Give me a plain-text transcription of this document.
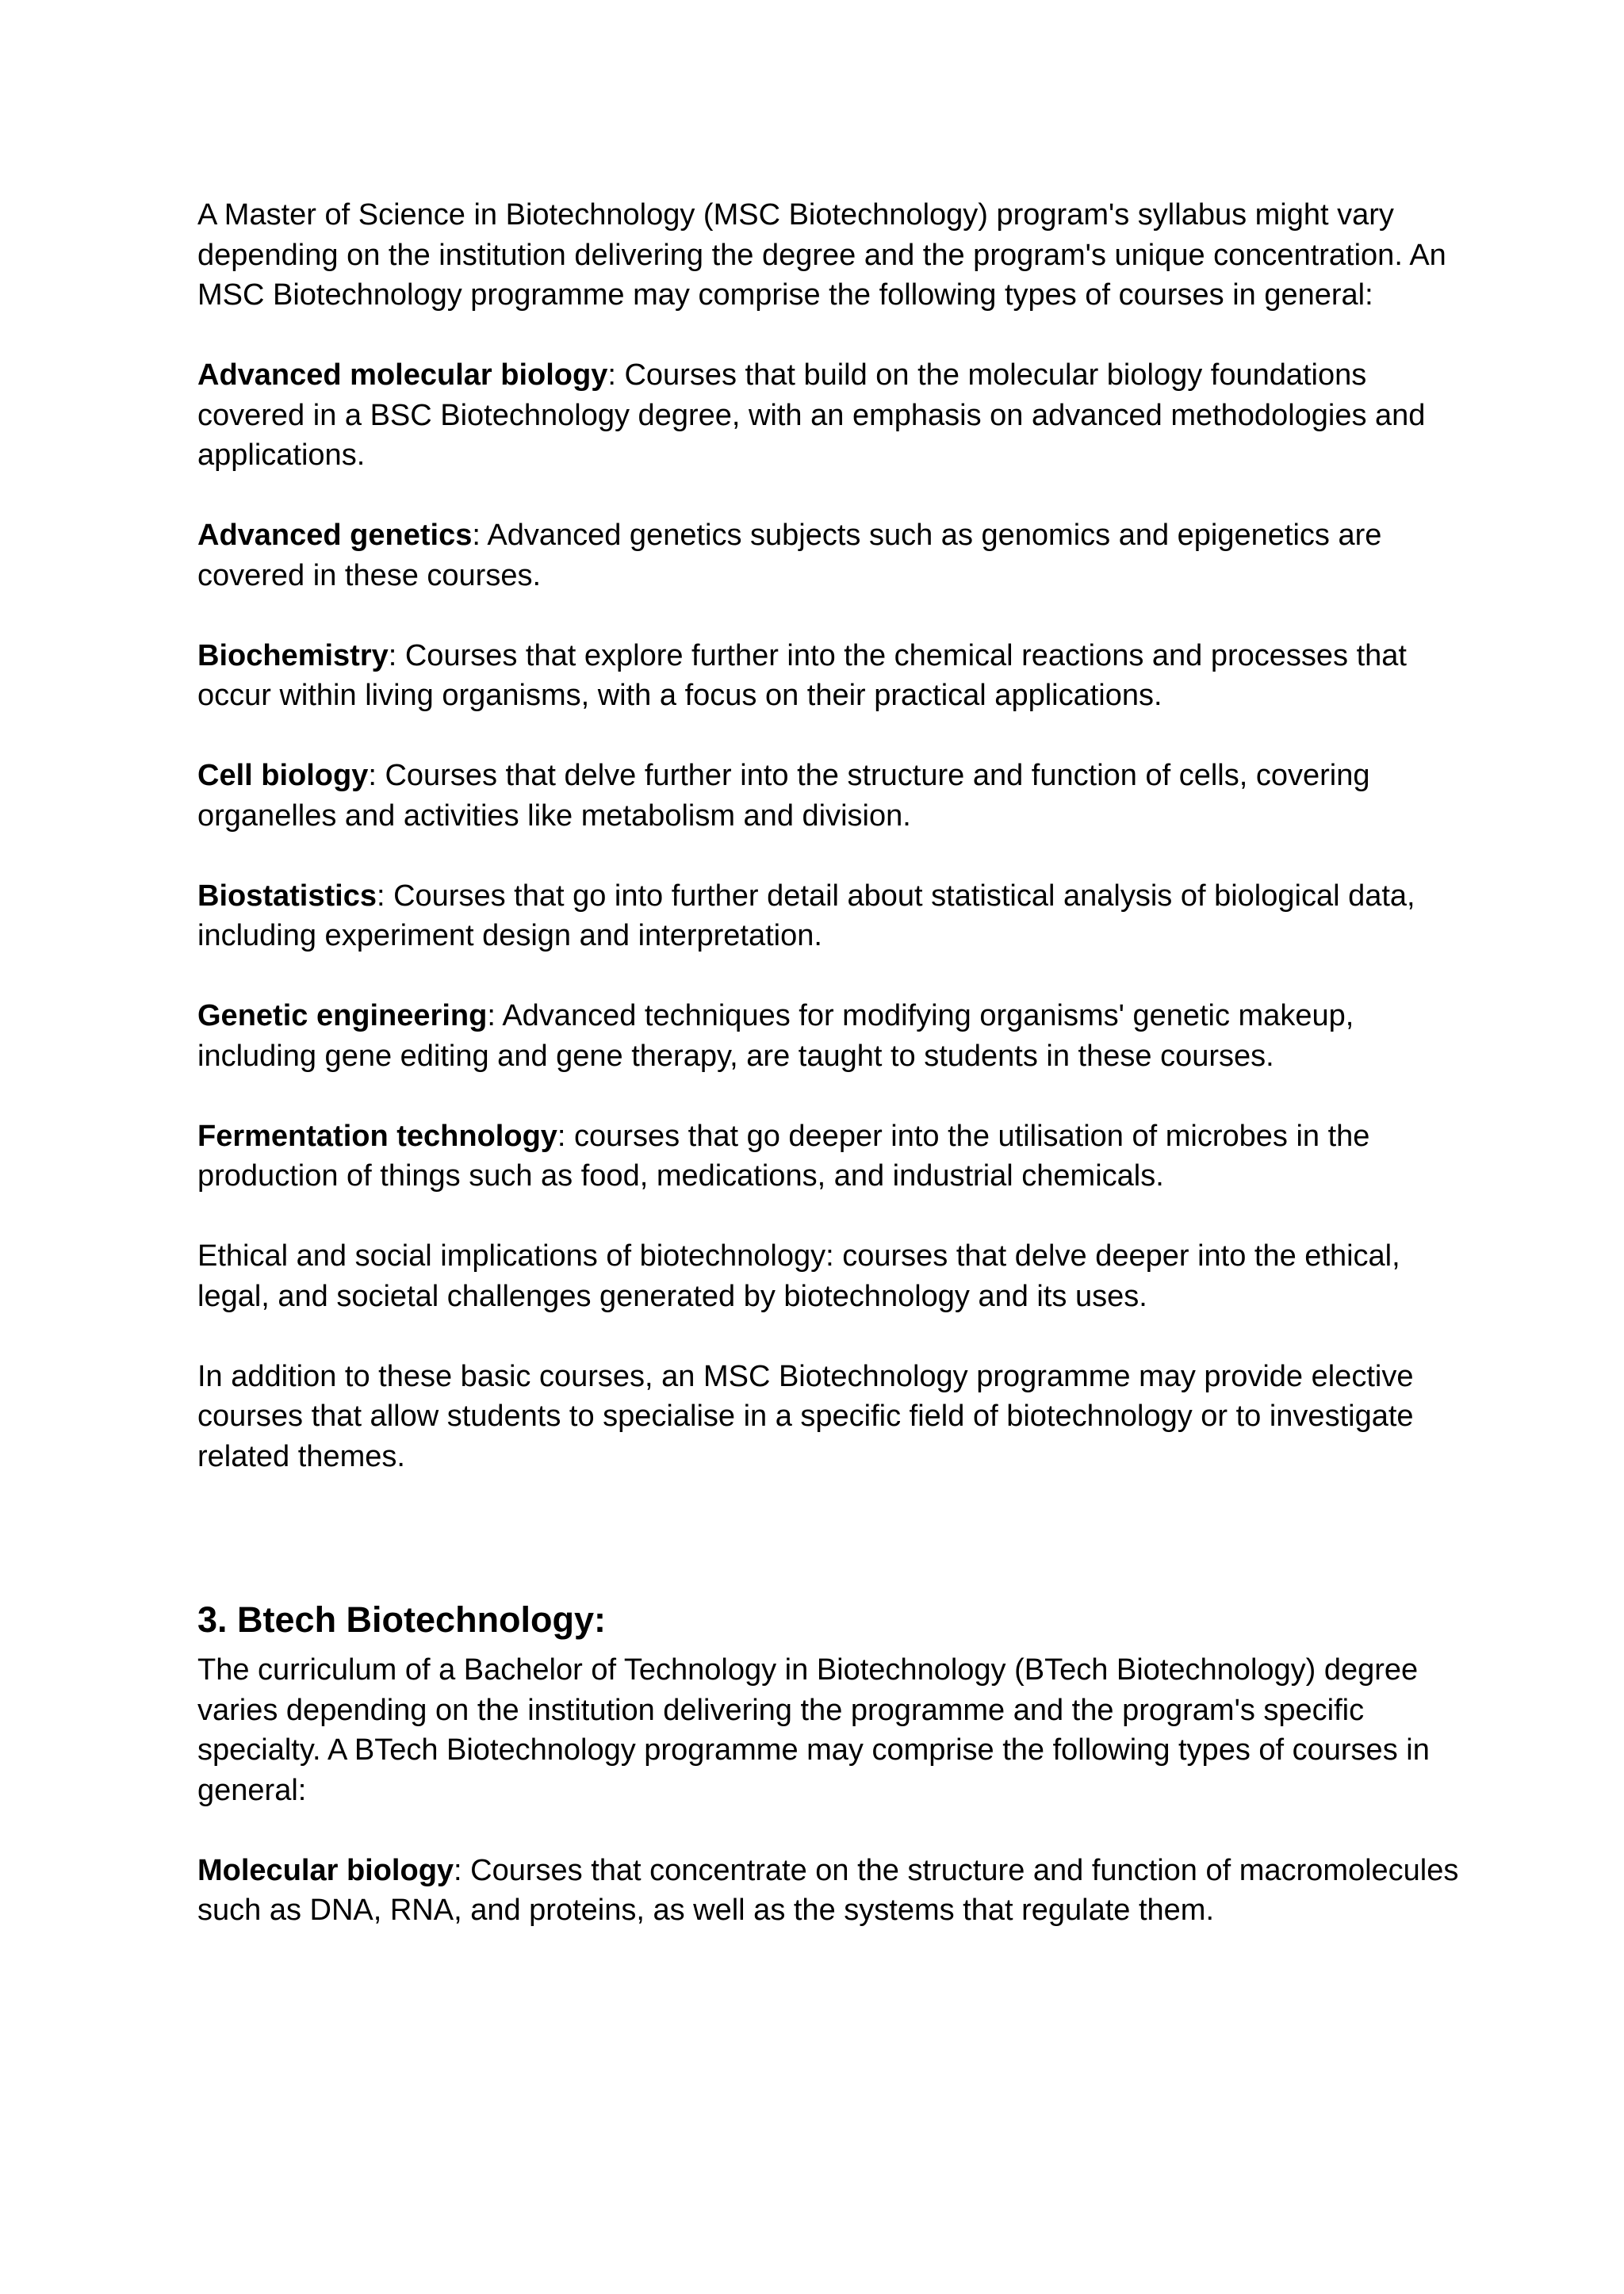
A Master of Science in Biotechnology (MSC Biotechnology) program's syllabus might vary depending on the institution delivering the degree and the program's unique concentration. An MSC Biotechnology programme may comprise the following types of courses in general:

Advanced molecular biology: Courses that build on the molecular biology foundations covered in a BSC Biotechnology degree, with an emphasis on advanced methodologies and applications.

Advanced genetics: Advanced genetics subjects such as genomics and epigenetics are covered in these courses.

Biochemistry: Courses that explore further into the chemical reactions and processes that occur within living organisms, with a focus on their practical applications.

Cell biology: Courses that delve further into the structure and function of cells, covering organelles and activities like metabolism and division.

Biostatistics: Courses that go into further detail about statistical analysis of biological data, including experiment design and interpretation.

Genetic engineering: Advanced techniques for modifying organisms' genetic makeup, including gene editing and gene therapy, are taught to students in these courses.

Fermentation technology: courses that go deeper into the utilisation of microbes in the production of things such as food, medications, and industrial chemicals.

Ethical and social implications of biotechnology: courses that delve deeper into the ethical, legal, and societal challenges generated by biotechnology and its uses.

In addition to these basic courses, an MSC Biotechnology programme may provide elective courses that allow students to specialise in a specific field of biotechnology or to investigate related themes.

3. Btech Biotechnology:

The curriculum of a Bachelor of Technology in Biotechnology (BTech Biotechnology) degree varies depending on the institution delivering the programme and the program's specific specialty. A BTech Biotechnology programme may comprise the following types of courses in general:

Molecular biology: Courses that concentrate on the structure and function of macromolecules such as DNA, RNA, and proteins, as well as the systems that regulate them.
